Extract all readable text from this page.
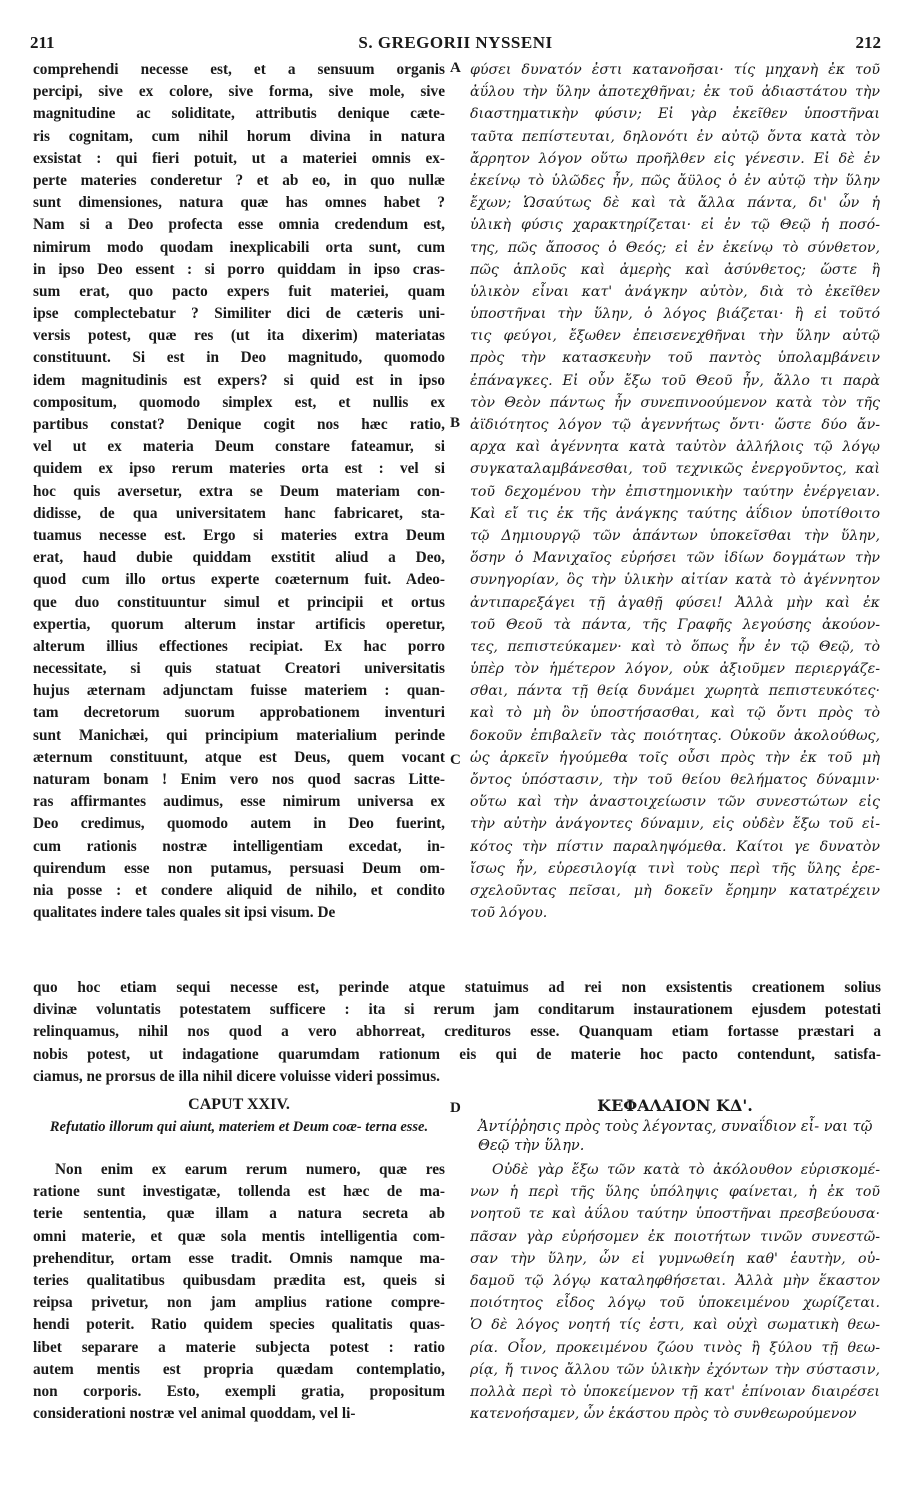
211	S. GREGORII NYSSENI	212
comprehendi necesse est, et a sensuum organis
percipi, sive ex colore, sive forma, sive mole, sive
magnitudine ac soliditate, attributis denique cæte-
ris cognitam, cum nihil horum divina in natura
exsistat : qui fieri potuit, ut a materiei omnis ex-
perte materies conderetur ? et ab eo, in quo nullæ
sunt dimensiones, natura quæ has omnes habet ?
Nam si a Deo profecta esse omnia credendum est,
nimirum modo quodam inexplicabili orta sunt, cum
in ipso Deo essent : si porro quiddam in ipso cras-
sum erat, quo pacto expers fuit materiei, quam
ipse complectebatur ? Similiter dici de cæteris uni-
versis potest, quæ res (ut ita dixerim) materiatas
constituunt. Si est in Deo magnitudo, quomodo
idem magnitudinis est expers? si quid est in ipso
compositum, quomodo simplex est, et nullis ex
partibus constat? Denique cogit nos hæc ratio,
vel ut ex materia Deum constare fateamur, si
quidem ex ipso rerum materies orta est : vel si
hoc quis aversetur, extra se Deum materiam con-
didisse, de qua universitatem hanc fabricaret, sta-
tuamus necesse est. Ergo si materies extra Deum
erat, haud dubie quiddam exstitit aliud a Deo,
quod cum illo ortus experte coæternum fuit. Adeo-
que duo constituuntur simul et principii et ortus
expertia, quorum alterum instar artificis operetur,
alterum illius effectiones recipiat. Ex hac porro
necessitate, si quis statuat Creatori universitatis
hujus æternam adjunctam fuisse materiem : quan-
tam decretorum suorum approbationem inventuri
sunt Manichæi, qui principium materialium perinde
æternum constituunt, atque est Deus, quem vocant
naturam bonam ! Enim vero nos quod sacras Litte-
ras affirmantes audimus, esse nimirum universa ex
Deo credimus, quomodo autem in Deo fuerint,
cum rationis nostræ intelligentiam excedat, in-
quirendum esse non putamus, persuasi Deum om-
nia posse : et condere aliquid de nihilo, et condito
qualitates indere tales quales sit ipsi visum. De
φύσει δυνατόν ἐστι κατανοῆσαι· τίς μηχανὴ ἐκ τοῦ
ἀΰλου τὴν ὕλην ἀποτεχθῆναι; ἐκ τοῦ ἀδιαστάτου τὴν
διαστηματικὴν φύσιν; Εἰ γὰρ ἐκεῖθεν ὑποστῆναι
ταῦτα πεπίστευται, δηλονότι ἐν αὐτῷ ὄντα κατὰ τὸν
ἄρρητον λόγον οὕτω προῆλθεν εἰς γένεσιν. Εἰ δὲ ἐν
ἐκείνῳ τὸ ὑλῶδες ἦν, πῶς ἄϋλος ὁ ἐν αὐτῷ τὴν ὕλην
ἔχων; Ὡσαύτως δὲ καὶ τὰ ἄλλα πάντα, δι' ὧν ἡ
ὑλικὴ φύσις χαρακτηρίζεται· εἰ ἐν τῷ Θεῷ ἡ ποσό-
της, πῶς ἄποσος ὁ Θεός; εἰ ἐν ἐκείνῳ τὸ σύνθετον,
πῶς ἁπλοῦς καὶ ἀμερὴς καὶ ἀσύνθετος; ὥστε ἢ
ὑλικὸν εἶναι κατ' ἀνάγκην αὐτὸν, διὰ τὸ ἐκεῖθεν
ὑποστῆναι τὴν ὕλην, ὁ λόγος βιάζεται· ἢ εἰ τοῦτό
τις φεύγοι, ἔξωθεν ἐπεισενεχθῆναι τὴν ὕλην αὐτῷ
πρὸς τὴν κατασκευὴν τοῦ παντὸς ὑπολαμβάνειν
ἐπάναγκες. Εἰ οὖν ἔξω τοῦ Θεοῦ ἦν, ἄλλο τι παρὰ
τὸν Θεὸν πάντως ἦν συνεπινοούμενον κατὰ τὸν τῆς
ἀϊδιότητος λόγον τῷ ἀγεννήτως ὄντι· ὥστε δύο ἄν-
αρχα καὶ ἀγέννητα κατὰ ταὐτὸν ἀλλήλοις τῷ λόγῳ
συγκαταλαμβάνεσθαι, τοῦ τεχνικῶς ἐνεργοῦντος, καὶ
τοῦ δεχομένου τὴν ἐπιστημονικὴν ταύτην ἐνέργειαν.
Καὶ εἴ τις ἐκ τῆς ἀνάγκης ταύτης ἀΐδιον ὑποτίθοιτο
τῷ Δημιουργῷ τῶν ἁπάντων ὑποκεῖσθαι τὴν ὕλην,
ὅσην ὁ Μανιχαῖος εὑρήσει τῶν ἰδίων δογμάτων τὴν
συνηγορίαν, ὃς τὴν ὑλικὴν αἰτίαν κατὰ τὸ ἀγέννητον
ἀντιπαρεξάγει τῇ ἀγαθῇ φύσει! Ἀλλὰ μὴν καὶ ἐκ
τοῦ Θεοῦ τὰ πάντα, τῆς Γραφῆς λεγούσης ἀκούον-
τες, πεπιστεύκαμεν· καὶ τὸ ὅπως ἦν ἐν τῷ Θεῷ, τὸ
ὑπὲρ τὸν ἡμέτερον λόγον, οὐκ ἀξιοῦμεν περιεργάζε-
σθαι, πάντα τῇ θείᾳ δυνάμει χωρητὰ πεπιστευκότες·
καὶ τὸ μὴ ὂν ὑποστήσασθαι, καὶ τῷ ὄντι πρὸς τὸ
δοκοῦν ἐπιβαλεῖν τὰς ποιότητας. Οὐκοῦν ἀκολούθως,
ὡς ἀρκεῖν ἡγούμεθα τοῖς οὖσι πρὸς τὴν ἐκ τοῦ μὴ
ὄντος ὑπόστασιν, τὴν τοῦ θείου θελήματος δύναμιν·
οὕτω καὶ τὴν ἀναστοιχείωσιν τῶν συνεστώτων εἰς
τὴν αὐτὴν ἀνάγοντες δύναμιν, εἰς οὐδὲν ἔξω τοῦ εἰ-
κότος τὴν πίστιν παραληψόμεθα. Καίτοι γε δυνατὸν
ἴσως ἦν, εὑρεσιλογίᾳ τινὶ τοὺς περὶ τῆς ὕλης ἐρε-
σχελοῦντας πεῖσαι, μὴ δοκεῖν ἔρημην κατατρέχειν
τοῦ λόγου.
A
B
C
D
quo hoc etiam sequi necesse est, perinde atque statuimus ad rei non exsistentis creationem solius
divinæ voluntatis potestatem sufficere : ita si rerum jam conditarum instaurationem ejusdem potestati
relinquamus, nihil nos quod a vero abhorreat, credituros esse. Quanquam etiam fortasse præstari a
nobis potest, ut indagatione quarumdam rationum eis qui de materie hoc pacto contendunt, satisfa-
ciamus, ne prorsus de illa nihil dicere voluisse videri possimus.
CAPUT XXIV.
Refutatio illorum qui aiunt, materiem et Deum coæ- terna esse.
ΚΕΦΑΛΑΙΟΝ ΚΔ'.
Ἀντίῤῥησις πρὸς τοὺς λέγοντας, συναΐδιον εἶ- ναι τῷ Θεῷ τὴν ὕλην.
Non enim ex earum rerum numero, quæ res
ratione sunt investigatæ, tollenda est hæc de ma-
terie sententia, quæ illam a natura secreta ab
omni materie, et quæ sola mentis intelligentia com-
prehenditur, ortam esse tradit. Omnis namque ma-
teries qualitatibus quibusdam prædita est, queis si
reipsa privetur, non jam amplius ratione compre-
hendi poterit. Ratio quidem species qualitatis quas-
libet separare a materie subjecta potest : ratio
autem mentis est propria quædam contemplatio,
non corporis. Esto, exempli gratia, propositum
considerationi nostræ vel animal quoddam, vel li-
Οὐδὲ γὰρ ἔξω τῶν κατὰ τὸ ἀκόλουθον εὑρισκομέ-
νων ἡ περὶ τῆς ὕλης ὑπόληψις φαίνεται, ἡ ἐκ τοῦ
νοητοῦ τε καὶ ἀΰλου ταύτην ὑποστῆναι πρεσβεύουσα·
πᾶσαν γὰρ εὑρήσομεν ἐκ ποιοτήτων τινῶν συνεστῶ-
σαν τὴν ὕλην, ὧν εἰ γυμνωθείη καθ' ἑαυτὴν, οὐ-
δαμοῦ τῷ λόγῳ καταληφθήσεται. Ἀλλὰ μὴν ἕκαστον
ποιότητος εἶδος λόγῳ τοῦ ὑποκειμένου χωρίζεται.
Ὁ δὲ λόγος νοητή τίς ἐστι, καὶ οὐχὶ σωματικὴ θεω-
ρία. Οἷον, προκειμένου ζώου τινὸς ἢ ξύλου τῇ θεω-
ρίᾳ, ἤ τινος ἄλλου τῶν ὑλικὴν ἐχόντων τὴν σύστασιν,
πολλὰ περὶ τὸ ὑποκείμενον τῇ κατ' ἐπίνοιαν διαιρέσει
κατενοήσαμεν, ὧν ἑκάστου πρὸς τὸ συνθεωρούμενον
